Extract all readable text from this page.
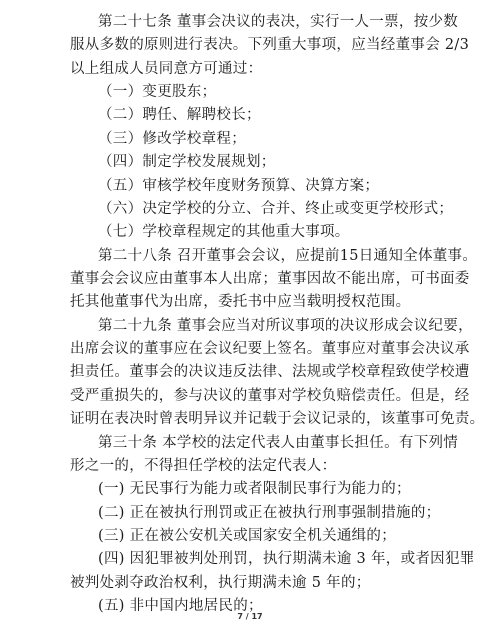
第二十七条 董事会决议的表决，实行一人一票，按少数
服从多数的原则进行表决。下列重大事项，应当经董事会 2/3
以上组成人员同意方可通过：
（一）变更股东；
（二）聘任、解聘校长；
（三）修改学校章程；
（四）制定学校发展规划；
（五）审核学校年度财务预算、决算方案；
（六）决定学校的分立、合并、终止或变更学校形式；
（七）学校章程规定的其他重大事项。
第二十八条 召开董事会会议，应提前15日通知全体董事。
董事会会议应由董事本人出席；董事因故不能出席，可书面委
托其他董事代为出席，委托书中应当载明授权范围。
第二十九条 董事会应当对所议事项的决议形成会议纪要，
出席会议的董事应在会议纪要上签名。董事应对董事会决议承
担责任。董事会的决议违反法律、法规或学校章程致使学校遭
受严重损失的，参与决议的董事对学校负赔偿责任。但是，经
证明在表决时曾表明异议并记载于会议记录的，该董事可免责。
第三十条 本学校的法定代表人由董事长担任。有下列情
形之一的，不得担任学校的法定代表人：
(一) 无民事行为能力或者限制民事行为能力的；
(二) 正在被执行刑罚或正在被执行刑事强制措施的；
(三) 正在被公安机关或国家安全机关通缉的；
(四) 因犯罪被判处刑罚，执行期满未逾 3 年，或者因犯罪
被判处剥夺政治权利，执行期满未逾 5 年的；
(五) 非中国内地居民的；
7 / 17
